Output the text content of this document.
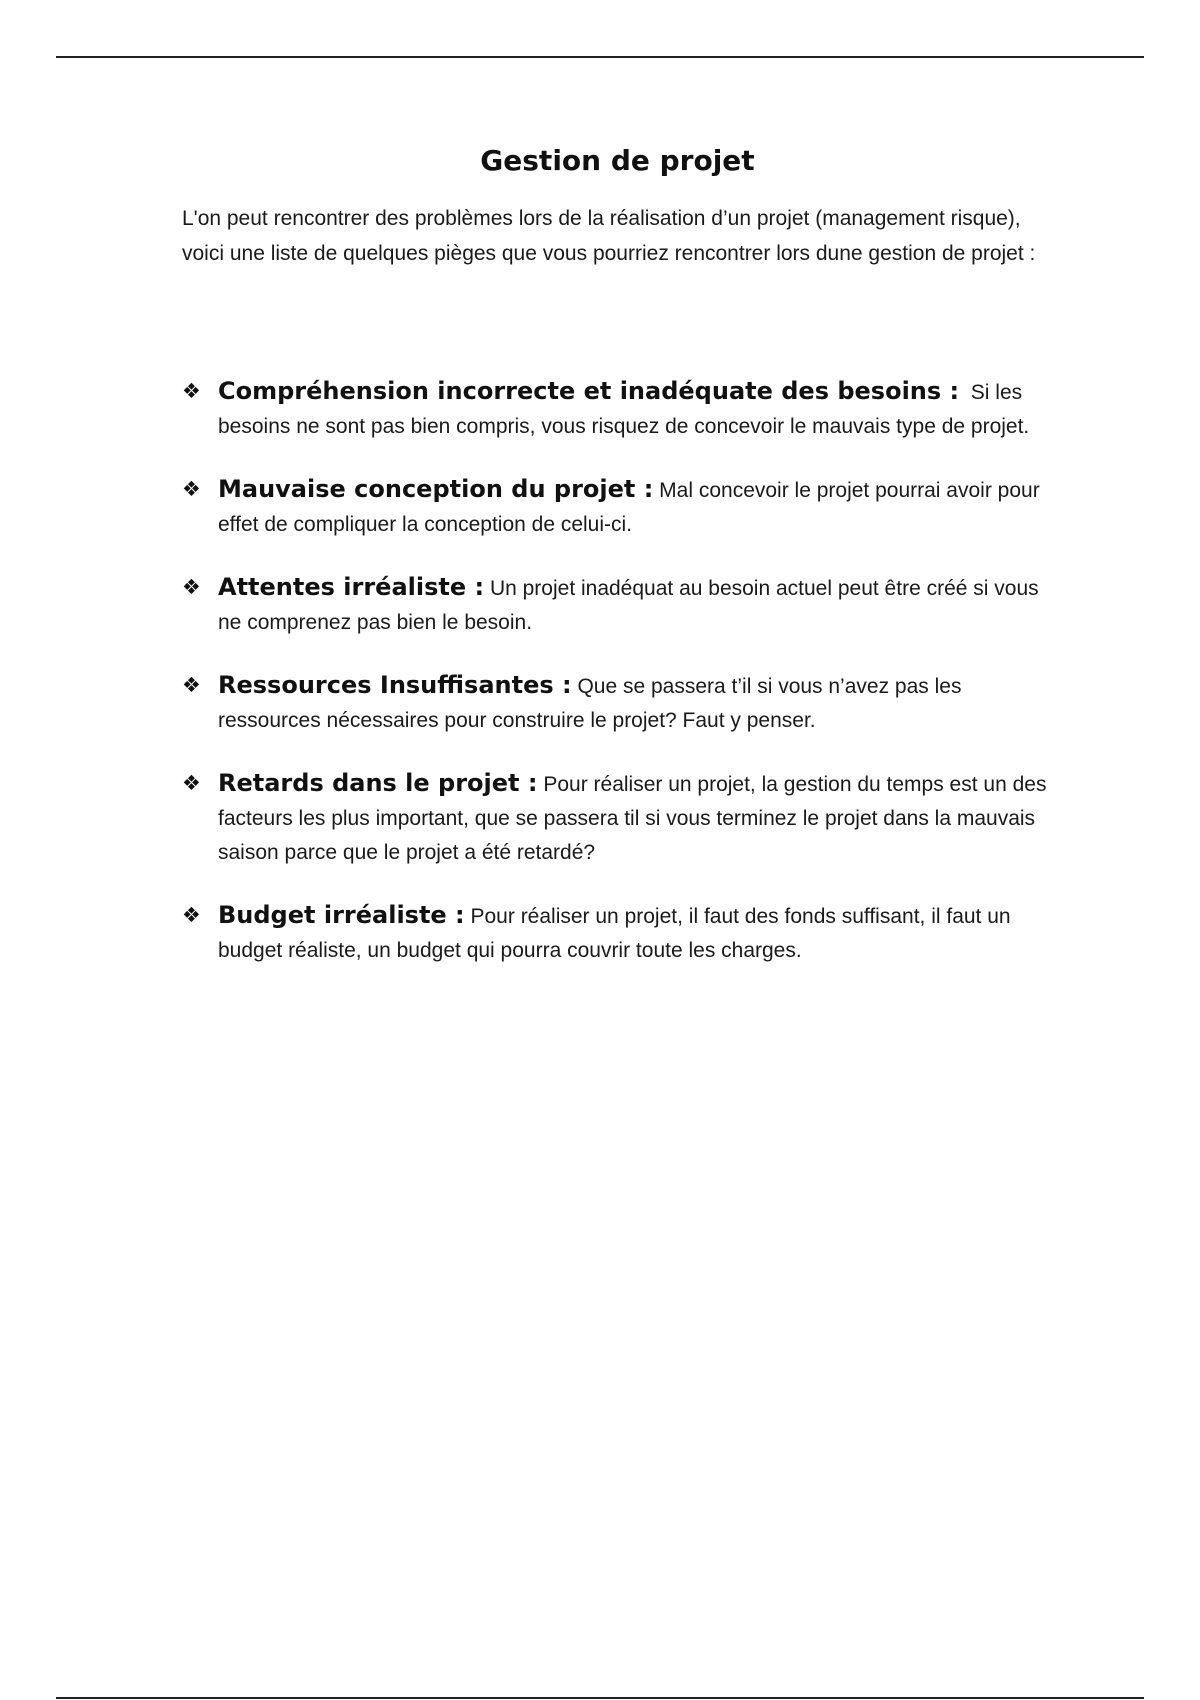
Gestion de projet
L'on peut rencontrer des problèmes lors de la réalisation d’un projet (management risque), voici une liste de quelques pièges que vous pourriez rencontrer lors dune gestion de projet :
❖ Compréhension incorrecte et inadéquate des besoins : Si les besoins ne sont pas bien compris, vous risquez de concevoir le mauvais type de projet.
❖ Mauvaise conception du projet : Mal concevoir le projet pourrai avoir pour effet de compliquer la conception de celui-ci.
❖ Attentes irréaliste : Un projet inadéquat au besoin actuel peut être créé si vous ne comprenez pas bien le besoin.
❖ Ressources Insuffisantes : Que se passera t’il si vous n’avez pas les ressources nécessaires pour construire le projet? Faut y penser.
❖ Retards dans le projet : Pour réaliser un projet, la gestion du temps est un des facteurs les plus important, que se passera til si vous terminez le projet dans la mauvais saison parce que le projet a été retardé?
❖ Budget irréaliste : Pour réaliser un projet, il faut des fonds suffisant, il faut un budget réaliste, un budget qui pourra couvrir toute les charges.
